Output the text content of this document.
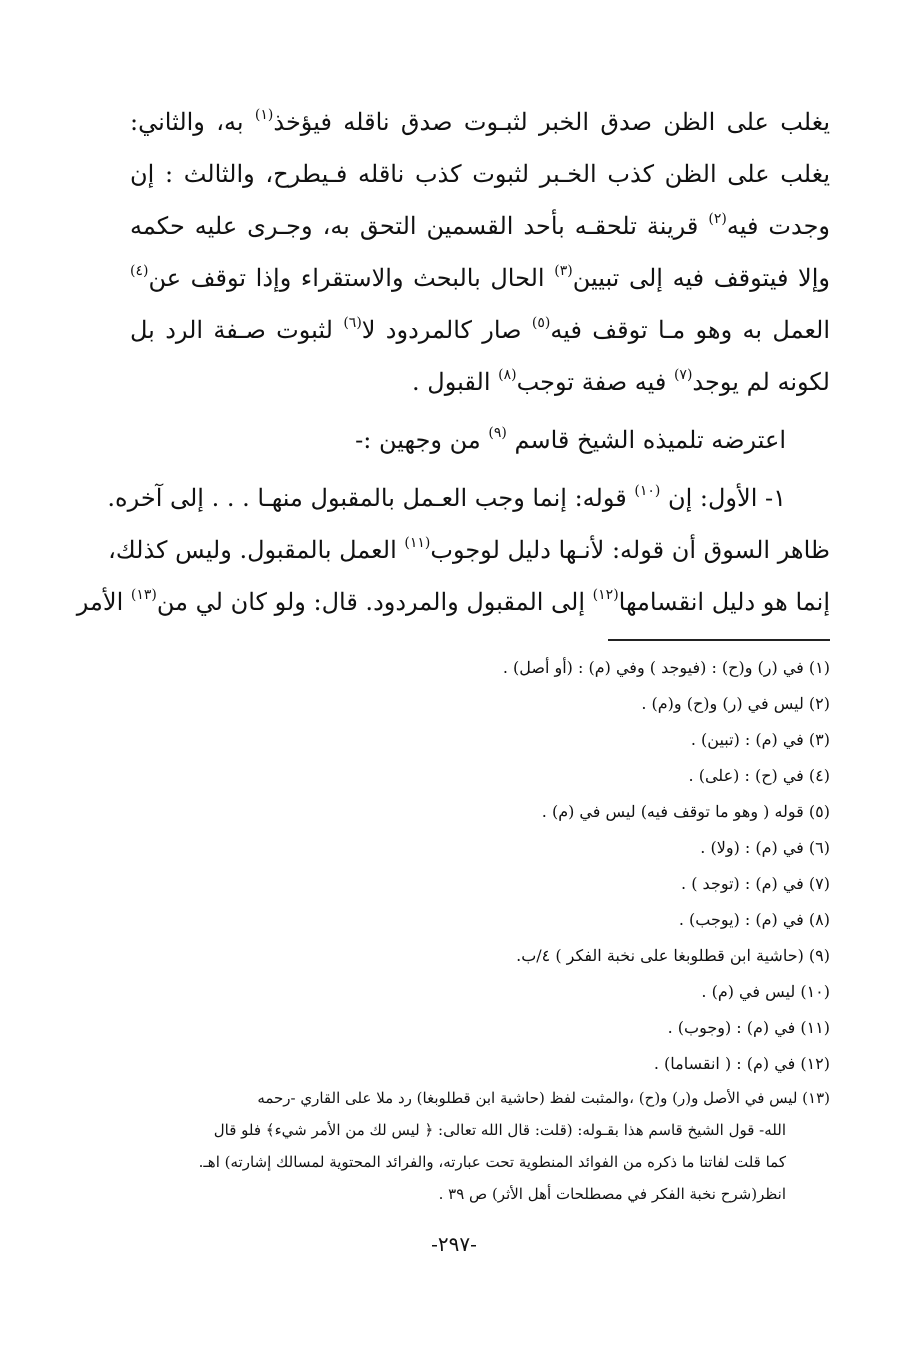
يغلب على الظن صدق الخبر لثبـوت صدق ناقله فيؤخذ$^{(١)}$ به، والثاني:
يغلب على الظن كذب الخـبر لثبوت كذب ناقله فـيطرح، والثالث : إن
وجدت فيه$^{(٢)}$ قرينة تلحقـه بأحد القسمين التحق به، وجـرى عليه حكمه
وإلا فيتوقف فيه إلى تبيين$^{(٣)}$ الحال بالبحث والاستقراء وإذا توقف عن$^{(٤)}$
العمل به وهو مـا توقف فيه$^{(٥)}$ صار كالمردود لا$^{(٦)}$ لثبوت صـفة الرد بل
لكونه لم يوجد$^{(٧)}$ فيه صفة توجب$^{(٨)}$ القبول .
اعترضه تلميذه الشيخ قاسم $^{(٩)}$ من وجهين :-
١- الأول: إن $^{(١٠)}$ قوله: إنما وجب العـمل بالمقبول منهـا . . . إلى آخره.
ظاهر السوق أن قوله: لأنـها دليل لوجوب$^{(١١)}$ العمل بالمقبول. وليس كذلك،
إنما هو دليل انقسامها$^{(١٢)}$ إلى المقبول والمردود. قال: ولو كان لي من$^{(١٣)}$ الأمر
(١) في (ر) و(ح) : (فيوجد ) وفي (م) : (أو أصل) .
(٢) ليس في (ر) و(ح) و(م) .
(٣) في (م) : (تبين) .
(٤) في (ح) : (على) .
(٥) قوله ( وهو ما توقف فيه) ليس في (م) .
(٦) في (م) : (ولا) .
(٧) في (م) : (توجد ) .
(٨) في (م) : (يوجب) .
(٩) (حاشية ابن قطلوبغا على نخبة الفكر ) ٤/ب.
(١٠) ليس في (م) .
(١١) في (م) : (وجوب) .
(١٢) في (م) : ( انقساما) .
(١٣) ليس في الأصل و(ر) و(ح) ،والمثبت لفظ (حاشية ابن قطلوبغا) رد ملا على القاري -رحمه
الله- قول الشيخ قاسم هذا بقـوله: (قلت: قال الله تعالى: ﴿ ليس لك من الأمر شيء﴾ فلو قال
كما قلت لفاتنا ما ذكره من الفوائد المنطوية تحت عبارته، والفرائد المحتوية لمسالك إشارته) اهـ.
انظر(شرح نخبة الفكر في مصطلحات أهل الأثر) ص ٣٩ .
-٢٩٧-
